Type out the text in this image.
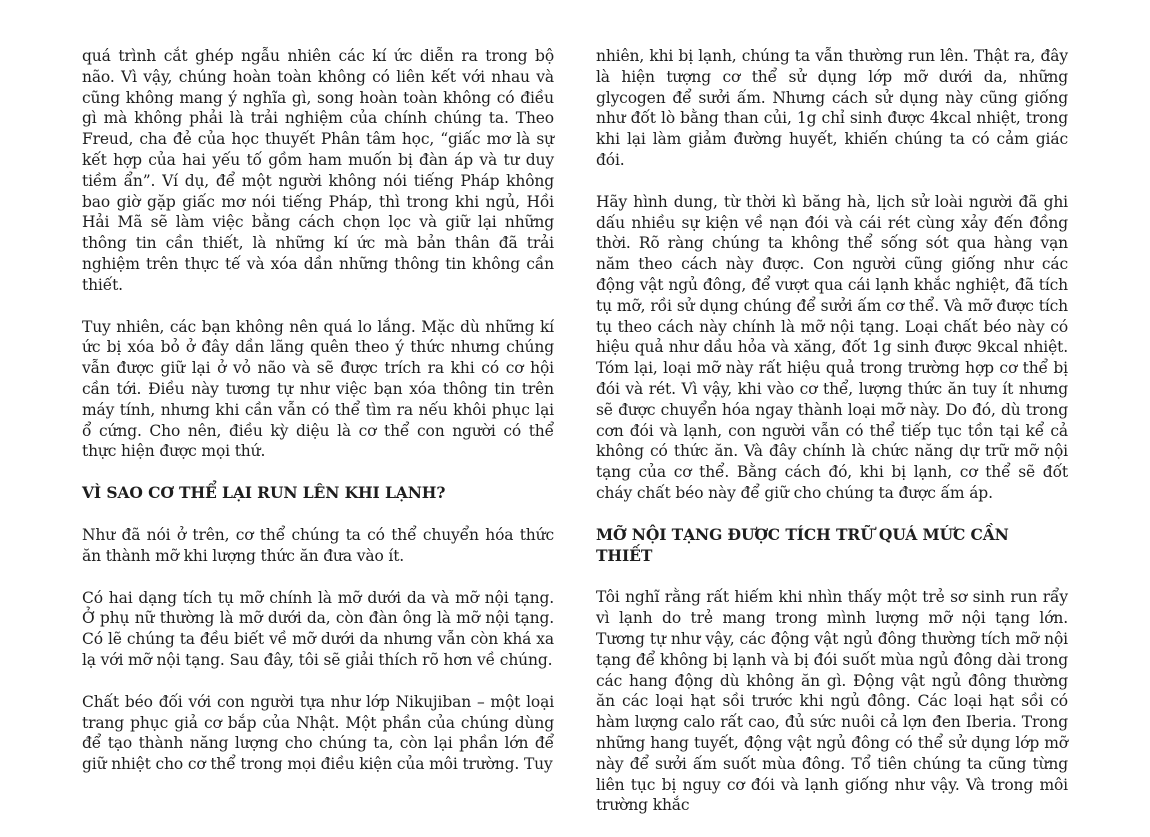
quá trình cắt ghép ngẫu nhiên các kí ức diễn ra trong bộ não. Vì vậy, chúng hoàn toàn không có liên kết với nhau và cũng không mang ý nghĩa gì, song hoàn toàn không có điều gì mà không phải là trải nghiệm của chính chúng ta. Theo Freud, cha đẻ của học thuyết Phân tâm học, “giấc mơ là sự kết hợp của hai yếu tố gồm ham muốn bị đàn áp và tư duy tiềm ẩn”. Ví dụ, để một người không nói tiếng Pháp không bao giờ gặp giấc mơ nói tiếng Pháp, thì trong khi ngủ, Hồi Hải Mã sẽ làm việc bằng cách chọn lọc và giữ lại những thông tin cần thiết, là những kí ức mà bản thân đã trải nghiệm trên thực tế và xóa dần những thông tin không cần thiết.

Tuy nhiên, các bạn không nên quá lo lắng. Mặc dù những kí ức bị xóa bỏ ở đây dần lãng quên theo ý thức nhưng chúng vẫn được giữ lại ở vỏ não và sẽ được trích ra khi có cơ hội cần tới. Điều này tương tự như việc bạn xóa thông tin trên máy tính, nhưng khi cần vẫn có thể tìm ra nếu khôi phục lại ổ cứng. Cho nên, điều kỳ diệu là cơ thể con người có thể thực hiện được mọi thứ.

VÌ SAO CƠ THỂ LẠI RUN LÊN KHI LẠNH?

Như đã nói ở trên, cơ thể chúng ta có thể chuyển hóa thức ăn thành mỡ khi lượng thức ăn đưa vào ít.

Có hai dạng tích tụ mỡ chính là mỡ dưới da và mỡ nội tạng. Ở phụ nữ thường là mỡ dưới da, còn đàn ông là mỡ nội tạng. Có lẽ chúng ta đều biết về mỡ dưới da nhưng vẫn còn khá xa lạ với mỡ nội tạng. Sau đây, tôi sẽ giải thích rõ hơn về chúng.

Chất béo đối với con người tựa như lớp Nikujiban – một loại trang phục giả cơ bắp của Nhật. Một phần của chúng dùng để tạo thành năng lượng cho chúng ta, còn lại phần lớn để giữ nhiệt cho cơ thể trong mọi điều kiện của môi trường. Tuy

nhiên, khi bị lạnh, chúng ta vẫn thường run lên. Thật ra, đây là hiện tượng cơ thể sử dụng lớp mỡ dưới da, những glycogen để sưởi ấm. Nhưng cách sử dụng này cũng giống như đốt lò bằng than củi, 1g chỉ sinh được 4kcal nhiệt, trong khi lại làm giảm đường huyết, khiến chúng ta có cảm giác đói.

Hãy hình dung, từ thời kì băng hà, lịch sử loài người đã ghi dấu nhiều sự kiện về nạn đói và cái rét cùng xảy đến đồng thời. Rõ ràng chúng ta không thể sống sót qua hàng vạn năm theo cách này được. Con người cũng giống như các động vật ngủ đông, để vượt qua cái lạnh khắc nghiệt, đã tích tụ mỡ, rồi sử dụng chúng để sưởi ấm cơ thể. Và mỡ được tích tụ theo cách này chính là mỡ nội tạng. Loại chất béo này có hiệu quả như dầu hỏa và xăng, đốt 1g sinh được 9kcal nhiệt. Tóm lại, loại mỡ này rất hiệu quả trong trường hợp cơ thể bị đói và rét. Vì vậy, khi vào cơ thể, lượng thức ăn tuy ít nhưng sẽ được chuyển hóa ngay thành loại mỡ này. Do đó, dù trong cơn đói và lạnh, con người vẫn có thể tiếp tục tồn tại kể cả không có thức ăn. Và đây chính là chức năng dự trữ mỡ nội tạng của cơ thể. Bằng cách đó, khi bị lạnh, cơ thể sẽ đốt cháy chất béo này để giữ cho chúng ta được ấm áp.

MỠ NỘI TẠNG ĐƯỢC TÍCH TRỮ QUÁ MỨC CẦN THIẾT

Tôi nghĩ rằng rất hiếm khi nhìn thấy một trẻ sơ sinh run rẩy vì lạnh do trẻ mang trong mình lượng mỡ nội tạng lớn. Tương tự như vậy, các động vật ngủ đông thường tích mỡ nội tạng để không bị lạnh và bị đói suốt mùa ngủ đông dài trong các hang động dù không ăn gì. Động vật ngủ đông thường ăn các loại hạt sồi trước khi ngủ đông. Các loại hạt sồi có hàm lượng calo rất cao, đủ sức nuôi cả lợn đen Iberia. Trong những hang tuyết, động vật ngủ đông có thể sử dụng lớp mỡ này để sưởi ấm suốt mùa đông. Tổ tiên chúng ta cũng từng liên tục bị nguy cơ đói và lạnh giống như vậy. Và trong môi trường khắc
